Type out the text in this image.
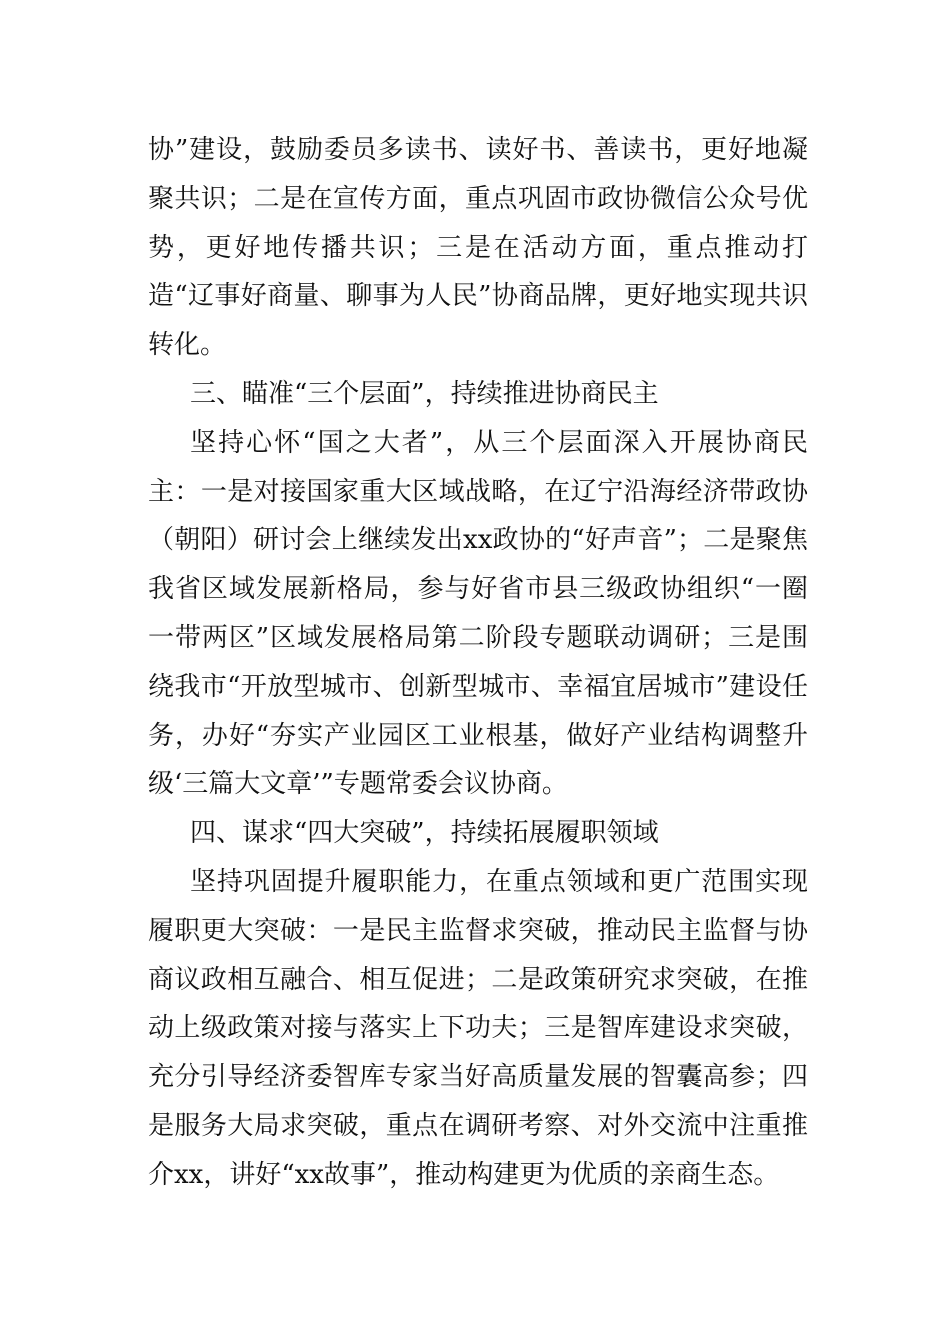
协”建设，鼓励委员多读书、读好书、善读书，更好地凝聚共识；二是在宣传方面，重点巩固市政协微信公众号优势，更好地传播共识；三是在活动方面，重点推动打造“辽事好商量、聊事为人民”协商品牌，更好地实现共识转化。

三、瞄准“三个层面”，持续推进协商民主

坚持心怀“国之大者”，从三个层面深入开展协商民主：一是对接国家重大区域战略，在辽宁沿海经济带政协（朝阳）研讨会上继续发出xx政协的“好声音”；二是聚焦我省区域发展新格局，参与好省市县三级政协组织“一圈一带两区”区域发展格局第二阶段专题联动调研；三是围绕我市“开放型城市、创新型城市、幸福宜居城市”建设任务，办好“夯实产业园区工业根基，做好产业结构调整升级‘三篇大文章’”专题常委会议协商。

四、谋求“四大突破”，持续拓展履职领域

坚持巩固提升履职能力，在重点领域和更广范围实现履职更大突破：一是民主监督求突破，推动民主监督与协商议政相互融合、相互促进；二是政策研究求突破，在推动上级政策对接与落实上下功夫；三是智库建设求突破，充分引导经济委智库专家当好高质量发展的智囊高参；四是服务大局求突破，重点在调研考察、对外交流中注重推介xx，讲好“xx故事”，推动构建更为优质的亲商生态。
